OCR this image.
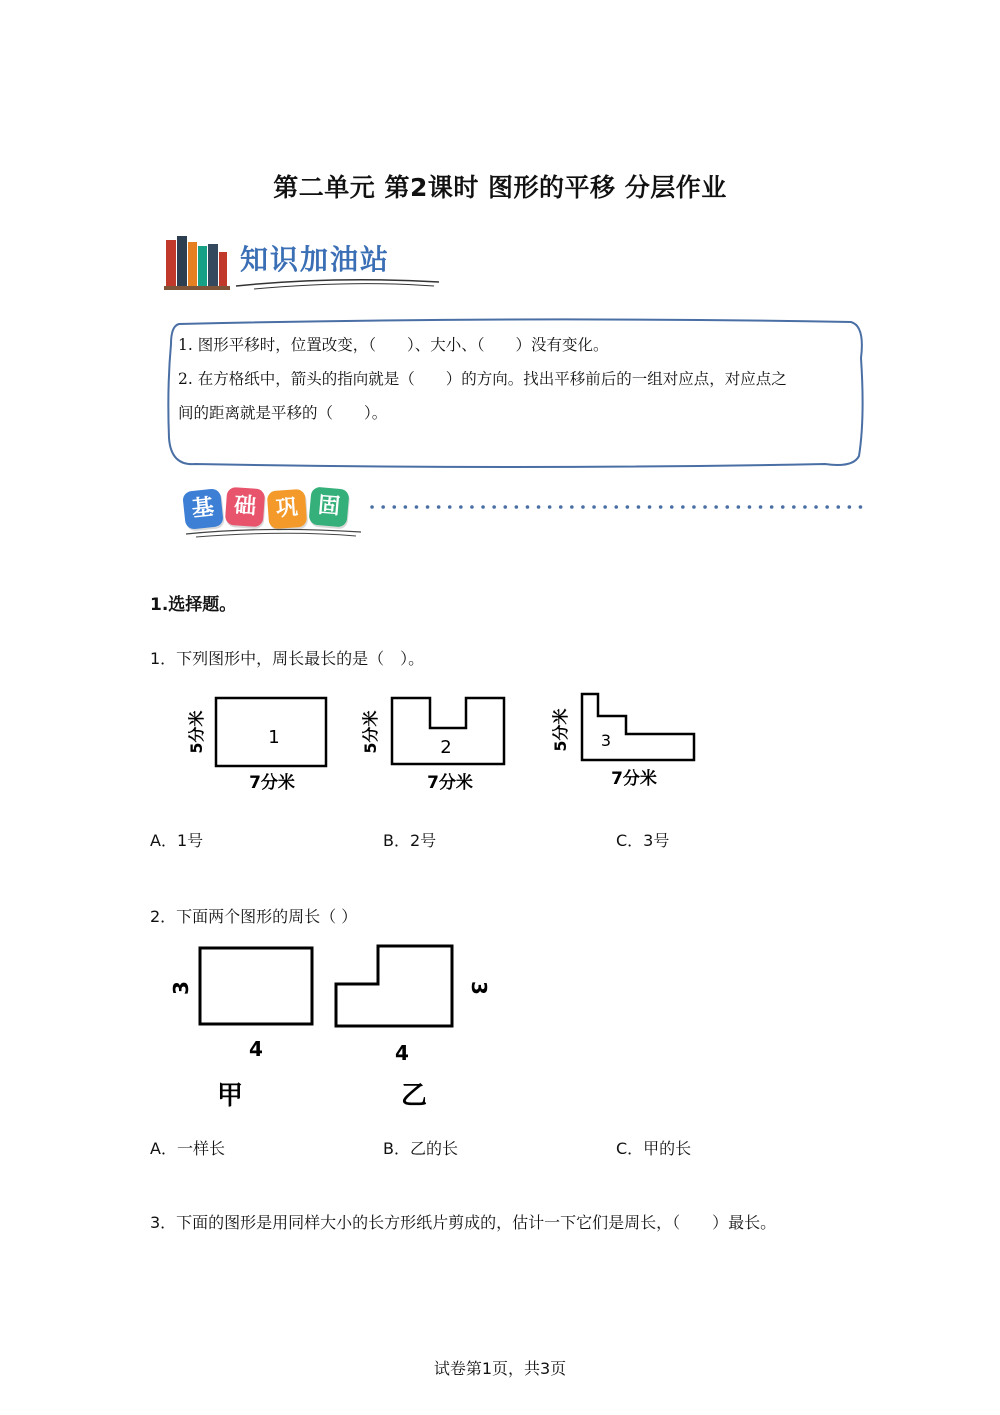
第二单元 第2课时 图形的平移 分层作业
知识加油站
1. 图形平移时，位置改变，（　　）、大小、（　　）没有变化。
2. 在方格纸中，箭头的指向就是（　　）的方向。找出平移前后的一组对应点，对应点之
间的距离就是平移的（　　）。
基 础 巩 固
1.选择题。
1．下列图形中，周长最长的是（　）。
1
5分米
7分米
2
5分米
7分米
3
5分米
7分米
A．1号	B．2号	C．3号
2．下面两个图形的周长（ ）
3
4
甲
3
4
乙
A．一样长	B．乙的长	C．甲的长
3．下面的图形是用同样大小的长方形纸片剪成的，估计一下它们是周长，（　　）最长。
试卷第1页，共3页
